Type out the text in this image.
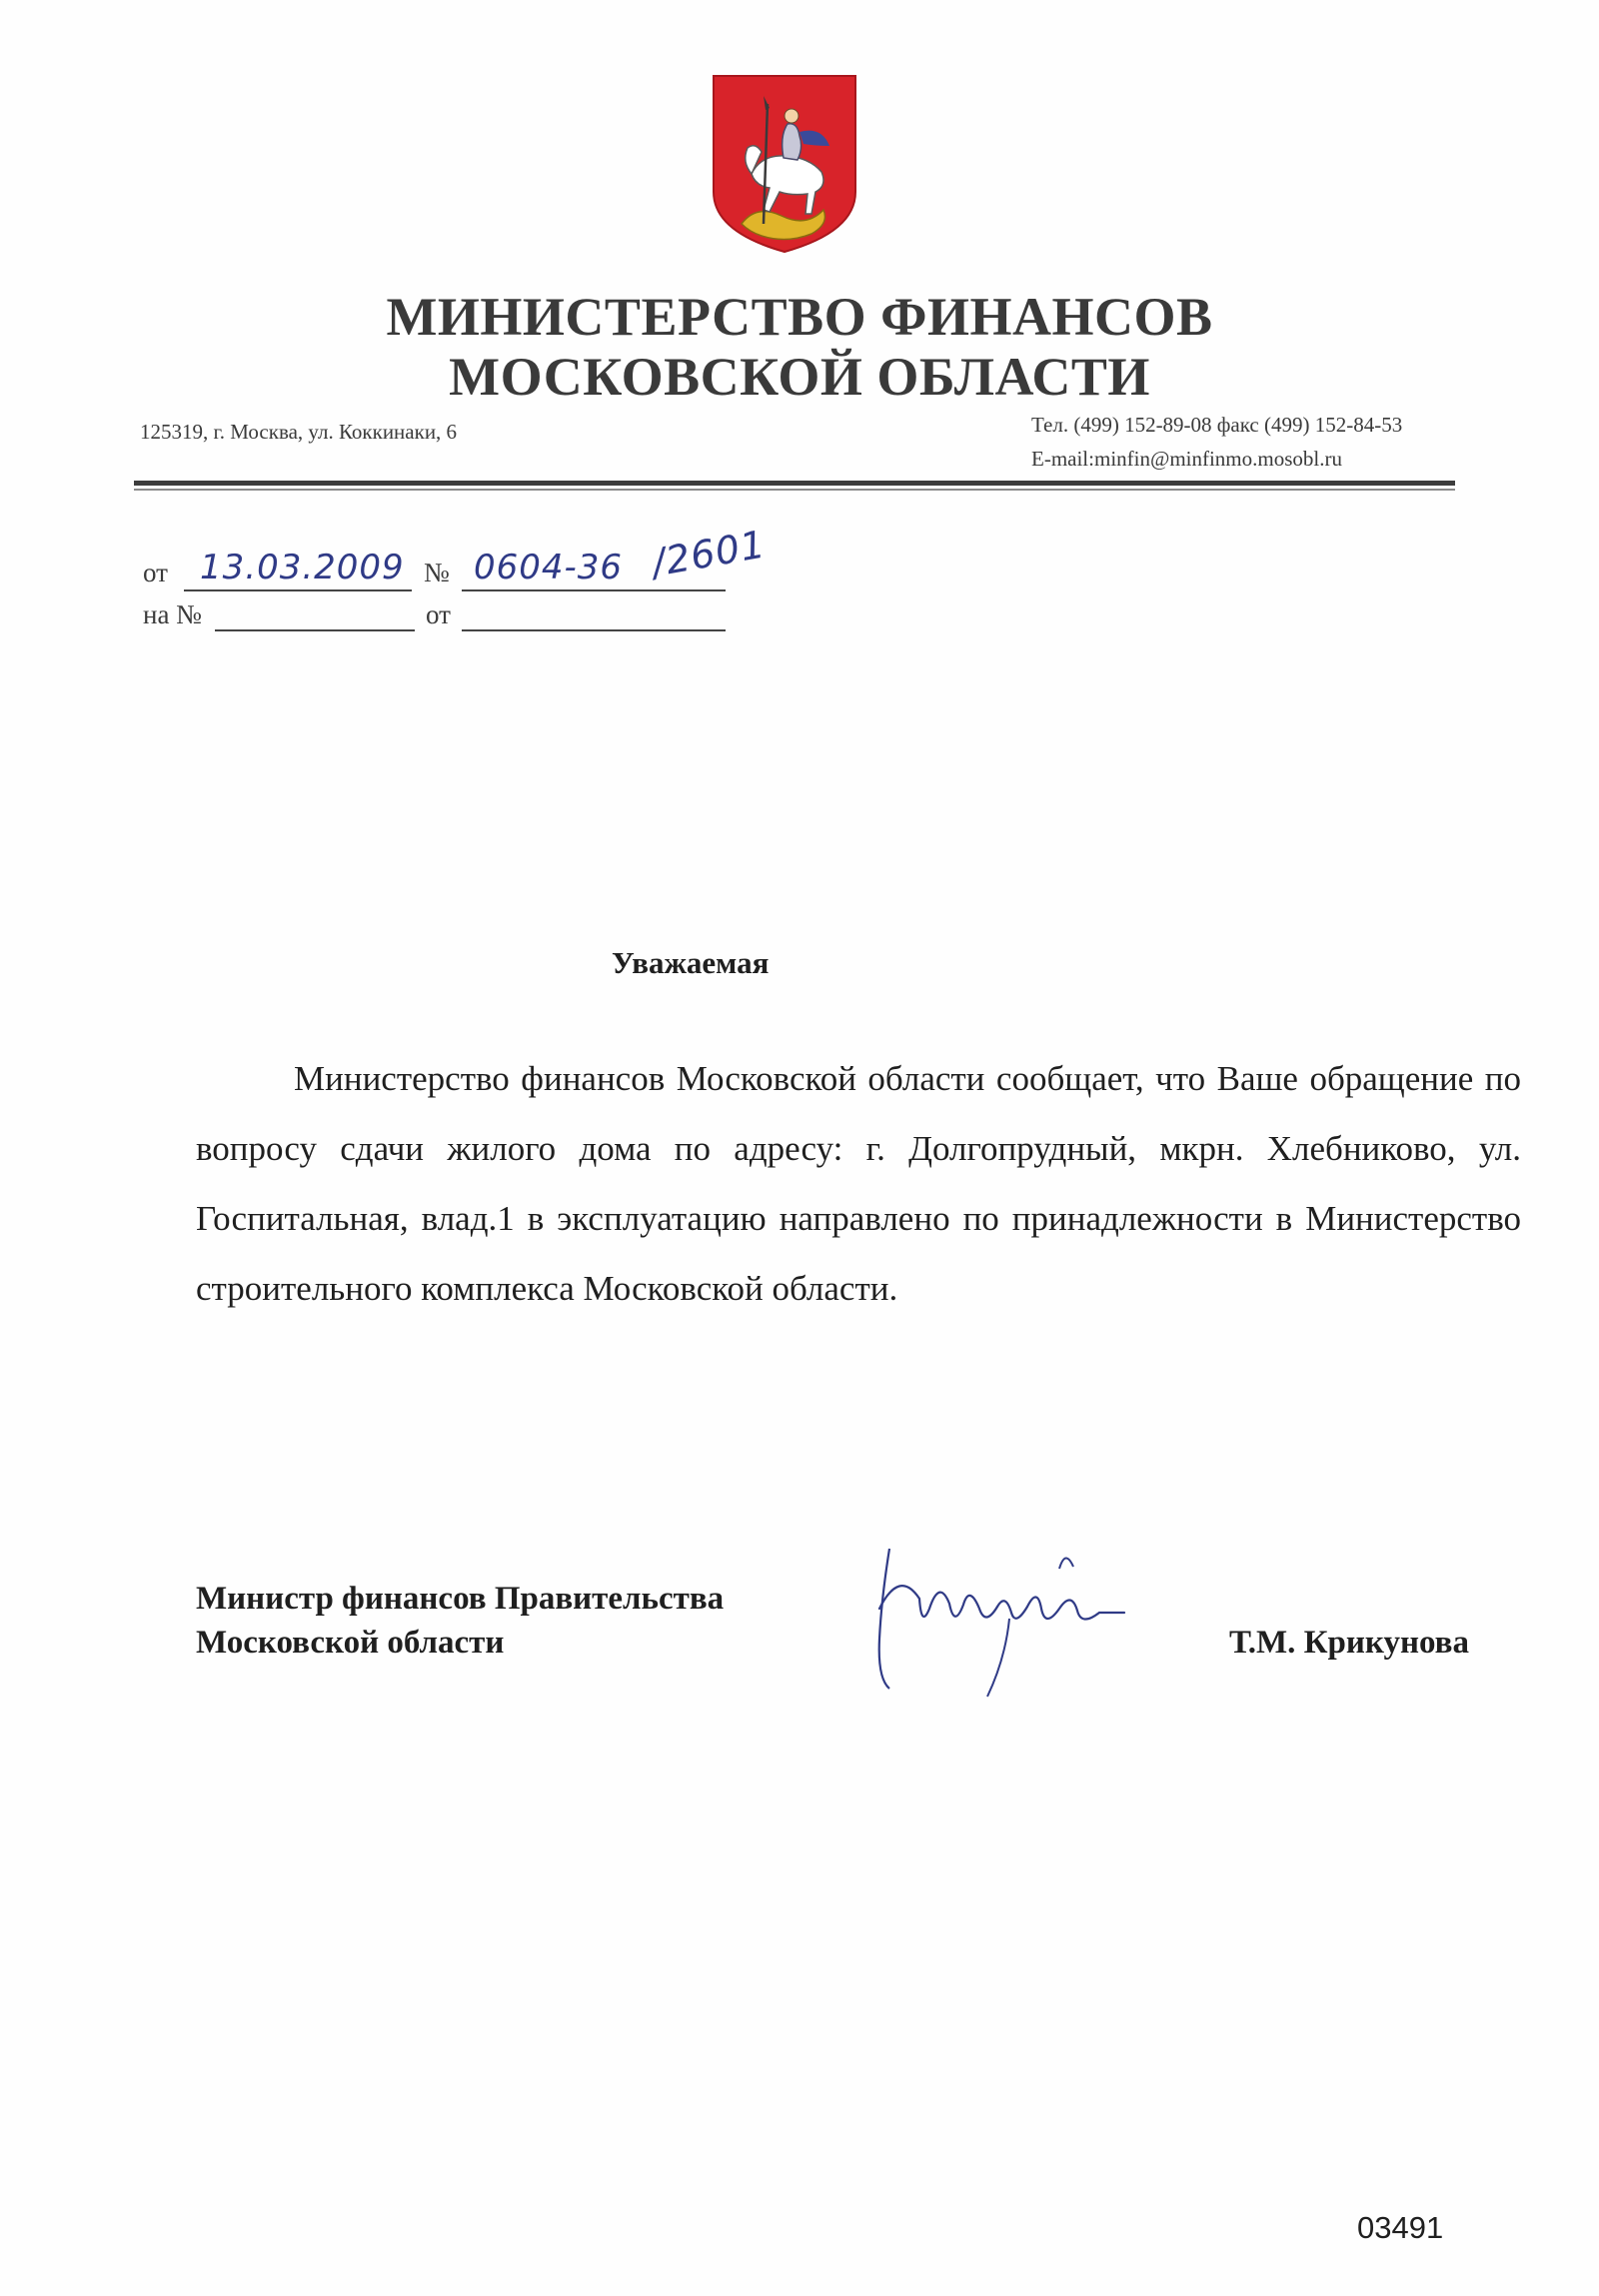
МИНИСТЕРСТВО ФИНАНСОВ
МОСКОВСКОЙ ОБЛАСТИ
125319, г. Москва, ул. Коккинаки, 6	Тел. (499) 152-89-08 факс (499) 152-84-53
E-mail:minfin@minfinmo.mosobl.ru
от 13.03.2009 № 0604-36 /2601
на №	от
Уважаемая
Министерство финансов Московской области сообщает, что Ваше обращение по вопросу сдачи жилого дома по адресу: г. Долгопрудный, мкрн. Хлебниково, ул. Госпитальная, влад.1 в эксплуатацию направлено по принадлежности в Министерство строительного комплекса Московской области.
Министр финансов Правительства
Московской области	Т.М. Крикунова
03491
